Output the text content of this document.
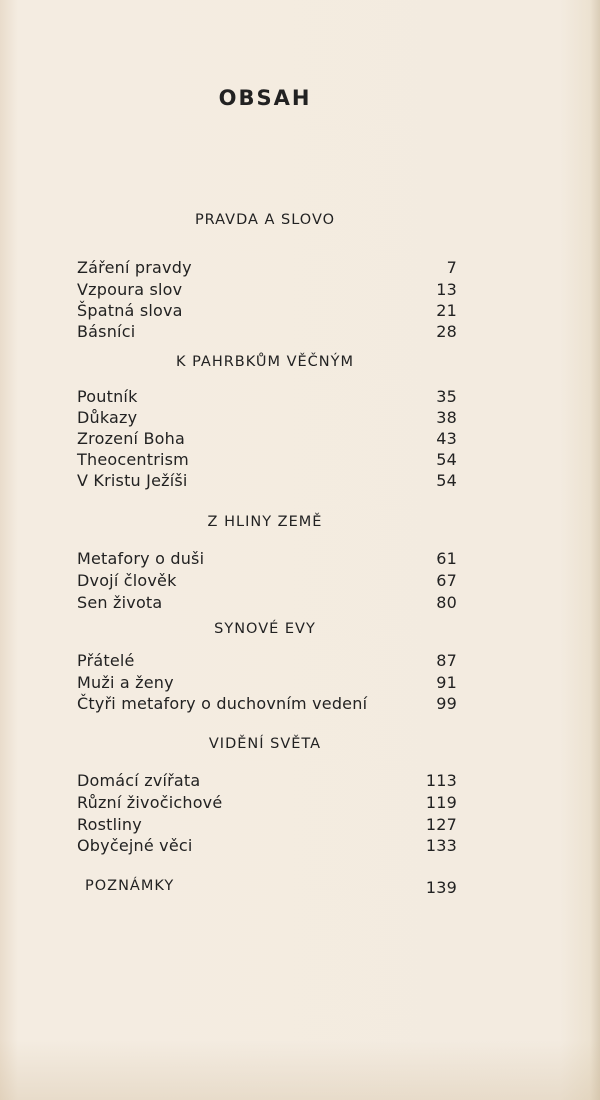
OBSAH
PRAVDA A SLOVO
Záření pravdy	7
Vzpoura slov	13
Špatná slova	21
Básníci	28
K PAHRBKŮM VĚČNÝM
Poutník	35
Důkazy	38
Zrození Boha	43
Theocentrism	54
V Kristu Ježíši	54
Z HLINY ZEMĚ
Metafory o duši	61
Dvojí člověk	67
Sen života	80
SYNOVÉ EVY
Přátelé	87
Muži a ženy	91
Čtyři metafory o duchovním vedení	99
VIDĚNÍ SVĚTA
Domácí zvířata	113
Různí živočichové	119
Rostliny	127
Obyčejné věci	133
POZNÁMKY	139
